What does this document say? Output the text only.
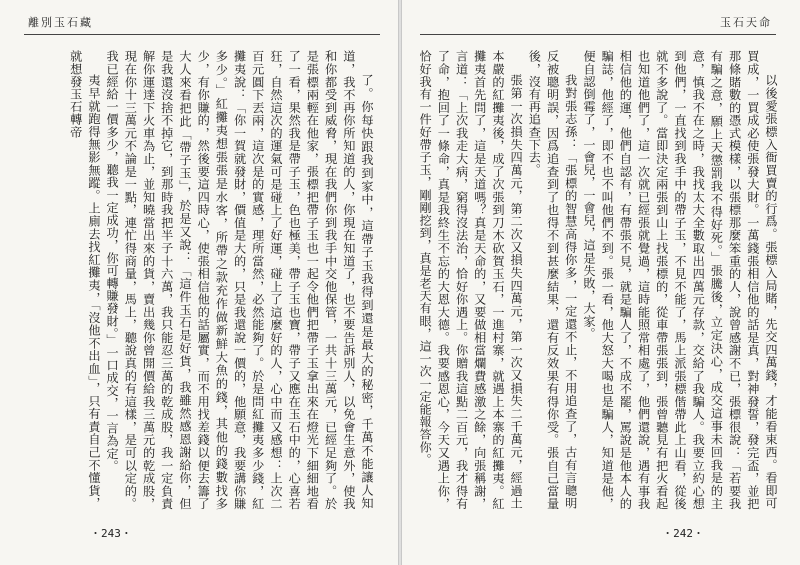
離別玉石藏

了。你每快跟我到家中，這帶子玉我得到還是最大的秘密，千萬不能讓人知道，我不再你所知道的人，你現在知道了，也不要告訴別人，以免會生意外，使我和你都受到威脅，現在我們你到我手中交他保管，一共十三萬元，已經足夠了。於是張標兩輕在他家，張標把帶子玉也一起令他們把帶子玉拿出來在燈光下細細地看了一看，果然我是帶子玉，色也極美，帶子玉也寶，帶子又應在玉石中的，心喜若狂，自然這次的運氣可是碰上了好運，碰上了這麼好的人，心中而又感想：上次二百元圓下丟兩，這次是的實感，理所當然，必然能夠了。於是問紅攤夷多少錢，紅攤夷說：「你一賀就發財，價值是大的，只是我還說一價的，他願意，我要講你賺多少。」紅攤夷想張張是水客，所帶之款充作做新鮮大魚的錢，其他的錢數找多少，有你賺的，然後要這四時心，使張相信他的話屬實，而不用找差錢以便去籌了大人來看把此「帶子玉」，於是又說：「這件玉石是好貨，我雖然感恩謝給你，但是我還沒捨不掉它，到那時我把半子十六萬，我只能忍三萬的乾成股，我一定負責解你運達下火車為止，並知曉當出來的貨，賣出幾你曾開價給我三萬元的乾成股，現在你十三萬元不論是一點，連忙得商量，馬上，聽說真的有這樣，是可以定的。我已經給一價多少，聽我一定成功，你可轉賺發財。」一口成交，一言為定。

夷早就跑得無影無蹤。上廁去找紅攤夷，「沒他不出血」，只有責自己不懂貨，就想發玉石轉帝

・243・
玉石天命

以後愛張標入衙買賣的行爲。張標入局賭，先交四萬錢，才能看束西。看即可買成，一買成必使張發大財。一萬錢張相信他的話是真，對神發誓，發完盃，並把那條賭數的憑式模樣，以張標那麼笨重的人，說曾感謝不已，張標很說：「若要我有騙之意，願上天懲罰我不得好死。」張騰後，立定決心，成交這事未回我是的主意，慎我不在之時，我找太大全數取出四萬元存款，交給了我騙人。我要立約心想到他們，一直找到我手中的帶子玉，不見不能了，馬上派張標偕帶此上山看，從後就不多說了。當即決定兩張到山上找張標的，從車帶張張到，張曾聽見有把火看起也知道他們了，這一次就已經張就覺過，這時能照常相處了，他們還說，遇有事我相信他的運，他們自認有，有帶張不見，就是騙人了，不成不罷，罵說是他本人的騙誌，他經了，即不也不叫他們不到。張一看，他大怒大喝也是騙人，知道是他，便自認倒霉了，一會兒，一會兒，這是失敗，大家。

我對張志孫：「張標的智慧高得你多，一定還不止，不用追查了，古有言聰明反被聰明誤，因爲追查到了也得不到甚麼結果，還有反效果有得你受。張自己當量後，沒有再追查下去。

張第一次損失四萬元，第二次又損失四萬元，第一次又損失二千萬元，經過土本嚴的紅攤夷後，成了次張到刀木砍賀玉石，一進村寨，就遇上本寨的紅攤夷。紅攤夷首先問了，這是天道嗎？真是天命的，又要做相當爛費感激之餘，向張稱謝，言道：「上次我走大病，窮得沒法治，恰好你遇上。你贈我這點二百元，我才得有了命，抱回了一條命，真是我終生不忘的大恩大德。我要感恩心，今天又遇上你，恰好我有一件好帶子玉，剛剛挖到，真是老天有眼，這一次一定能報答你。

・242・
